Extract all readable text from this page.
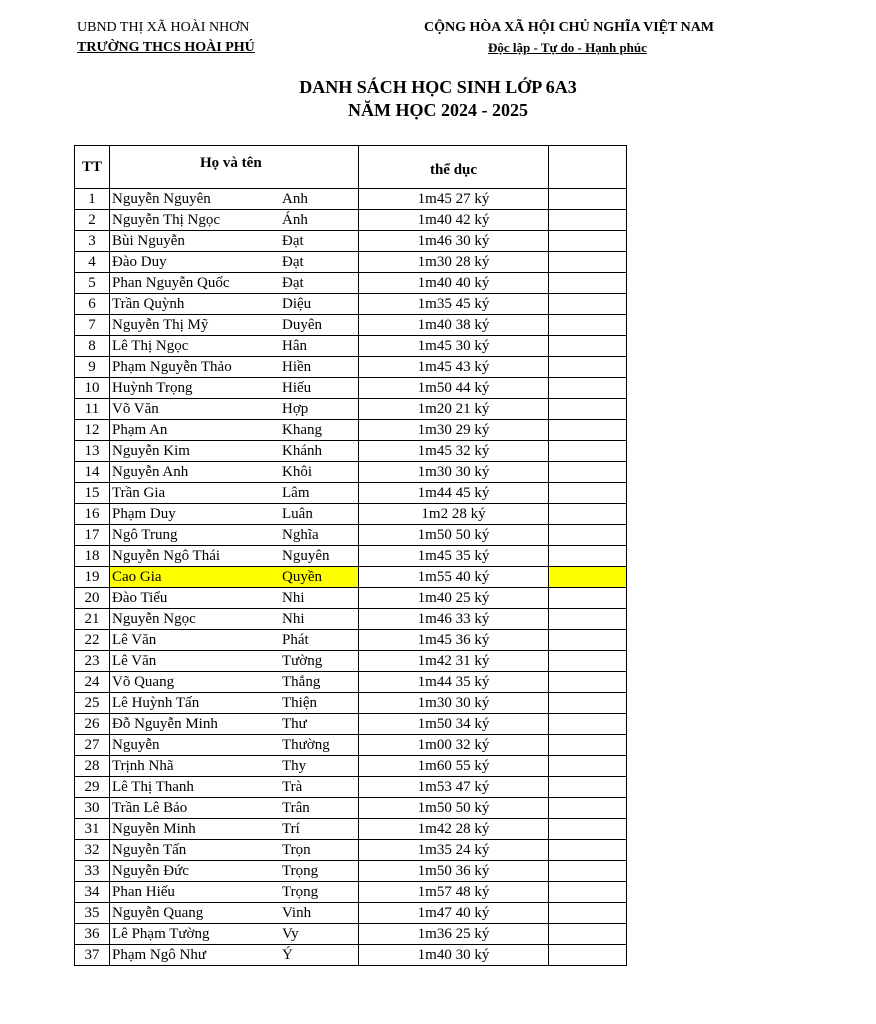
UBND THỊ XÃ HOÀI NHƠN
TRƯỜNG THCS HOÀI PHÚ
CỘNG HÒA XÃ HỘI CHỦ NGHĨA VIỆT NAM
Độc lập - Tự do - Hạnh phúc
DANH SÁCH HỌC SINH LỚP 6A3
NĂM HỌC 2024 - 2025
TT	Họ và tên	thể dục	

1	Nguyễn Nguyên Anh	1m45 27 ký	
2	Nguyễn Thị Ngọc Ánh	1m40 42 ký	
3	Bùi Nguyễn Đạt	1m46 30 ký	
4	Đào Duy Đạt	1m30 28 ký	
5	Phan Nguyễn Quốc Đạt	1m40 40 ký	
6	Trần Quỳnh Diệu	1m35 45 ký	
7	Nguyễn Thị Mỹ Duyên	1m40 38 ký	
8	Lê Thị Ngọc Hân	1m45 30 ký	
9	Phạm Nguyễn Thảo Hiền	1m45 43 ký	
10	Huỳnh Trọng Hiếu	1m50 44 ký	
11	Võ Văn Hợp	1m20 21 ký	
12	Phạm An Khang	1m30 29 ký	
13	Nguyễn Kim Khánh	1m45 32 ký	
14	Nguyễn Anh Khôi	1m30 30 ký	
15	Trần Gia Lâm	1m44 45 ký	
16	Phạm Duy Luân	1m2 28 ký	
17	Ngô Trung Nghĩa	1m50 50 ký	
18	Nguyễn Ngô Thái Nguyên	1m45 35 ký	
19	Cao Gia Quyền	1m55 40 ký	
20	Đào Tiểu Nhi	1m40 25 ký	
21	Nguyễn Ngọc Nhi	1m46 33 ký	
22	Lê Văn Phát	1m45 36 ký	
23	Lê Văn Tường	1m42 31 ký	
24	Võ Quang Thắng	1m44 35 ký	
25	Lê Huỳnh Tấn Thiện	1m30 30 ký	
26	Đỗ Nguyễn Minh Thư	1m50 34 ký	
27	Nguyễn Thường	1m00 32 ký	
28	Trịnh Nhã Thy	1m60 55 ký	
29	Lê Thị Thanh Trà	1m53 47 ký	
30	Trần Lê Bảo Trân	1m50 50 ký	
31	Nguyễn Minh Trí	1m42 28 ký	
32	Nguyễn Tấn Trọn	1m35 24 ký	
33	Nguyễn Đức Trọng	1m50 36 ký	
34	Phan Hiếu Trọng	1m57 48 ký	
35	Nguyễn Quang Vinh	1m47 40 ký	
36	Lê Phạm Tường Vy	1m36 25 ký	
37	Phạm Ngô Như Ý	1m40 30 ký	
